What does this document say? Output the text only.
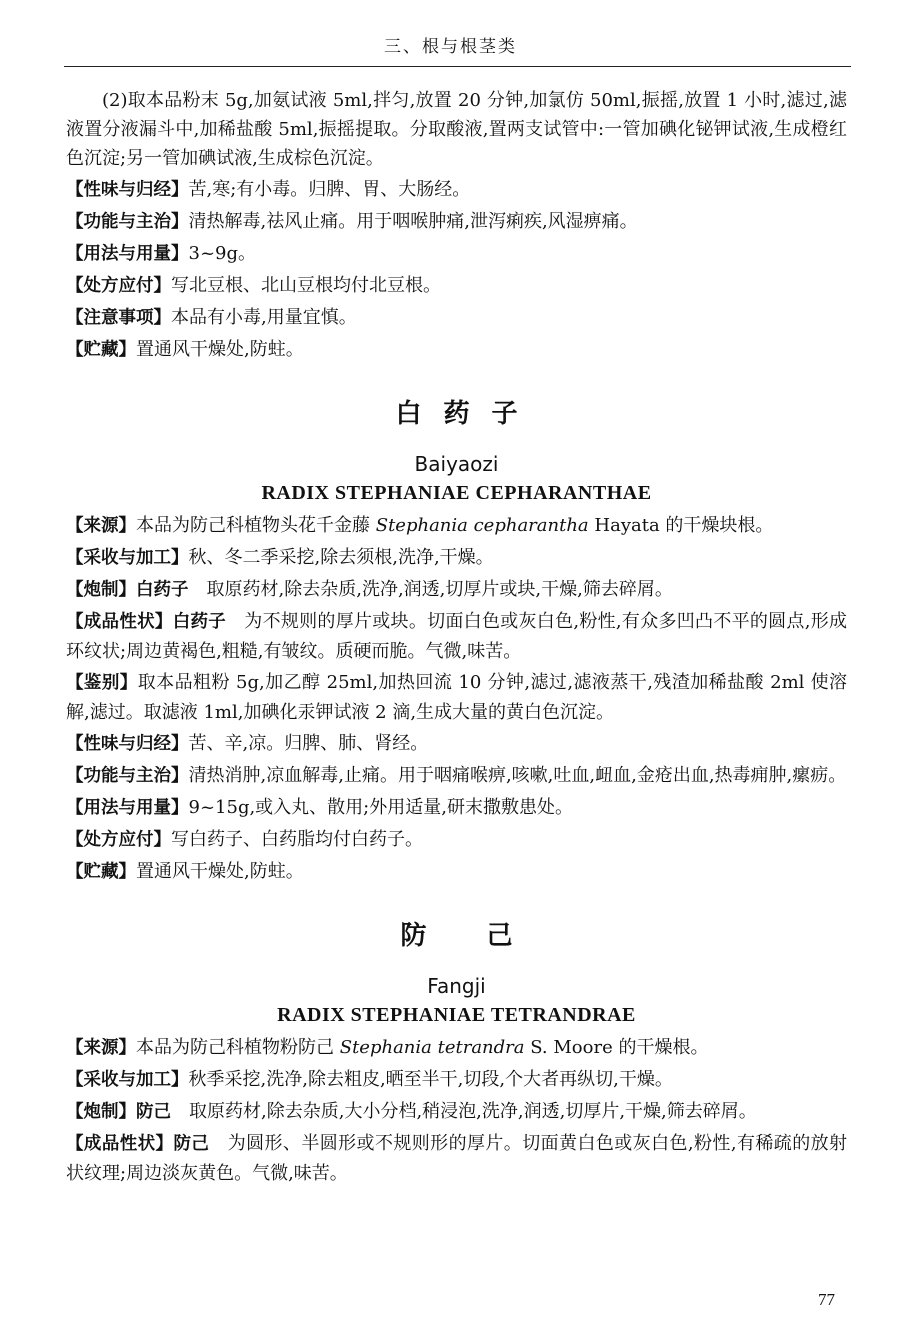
三、根与根茎类

(2)取本品粉末 5g,加氨试液 5ml,拌匀,放置 20 分钟,加氯仿 50ml,振摇,放置 1 小时,滤过,滤液置分液漏斗中,加稀盐酸 5ml,振摇提取。分取酸液,置两支试管中:一管加碘化铋钾试液,生成橙红色沉淀;另一管加碘试液,生成棕色沉淀。

【性味与归经】苦,寒;有小毒。归脾、胃、大肠经。

【功能与主治】清热解毒,祛风止痛。用于咽喉肿痛,泄泻痢疾,风湿痹痛。

【用法与用量】3~9g。

【处方应付】写北豆根、北山豆根均付北豆根。

【注意事项】本品有小毒,用量宜慎。

【贮藏】置通风干燥处,防蛀。

白药子
Baiyaozi
RADIX STEPHANIAE CEPHARANTHAE

【来源】本品为防己科植物头花千金藤 Stephania cepharantha Hayata 的干燥块根。

【采收与加工】秋、冬二季采挖,除去须根,洗净,干燥。

【炮制】白药子　取原药材,除去杂质,洗净,润透,切厚片或块,干燥,筛去碎屑。

【成品性状】白药子　为不规则的厚片或块。切面白色或灰白色,粉性,有众多凹凸不平的圆点,形成环纹状;周边黄褐色,粗糙,有皱纹。质硬而脆。气微,味苦。

【鉴别】取本品粗粉 5g,加乙醇 25ml,加热回流 10 分钟,滤过,滤液蒸干,残渣加稀盐酸 2ml 使溶解,滤过。取滤液 1ml,加碘化汞钾试液 2 滴,生成大量的黄白色沉淀。

【性味与归经】苦、辛,凉。归脾、肺、肾经。

【功能与主治】清热消肿,凉血解毒,止痛。用于咽痛喉痹,咳嗽,吐血,衄血,金疮出血,热毒痈肿,瘰疬。

【用法与用量】9~15g,或入丸、散用;外用适量,研末撒敷患处。

【处方应付】写白药子、白药脂均付白药子。

【贮藏】置通风干燥处,防蛀。

防己
Fangji
RADIX STEPHANIAE TETRANDRAE

【来源】本品为防己科植物粉防己 Stephania tetrandra S. Moore 的干燥根。

【采收与加工】秋季采挖,洗净,除去粗皮,晒至半干,切段,个大者再纵切,干燥。

【炮制】防己　取原药材,除去杂质,大小分档,稍浸泡,洗净,润透,切厚片,干燥,筛去碎屑。

【成品性状】防己　为圆形、半圆形或不规则形的厚片。切面黄白色或灰白色,粉性,有稀疏的放射状纹理;周边淡灰黄色。气微,味苦。

77
